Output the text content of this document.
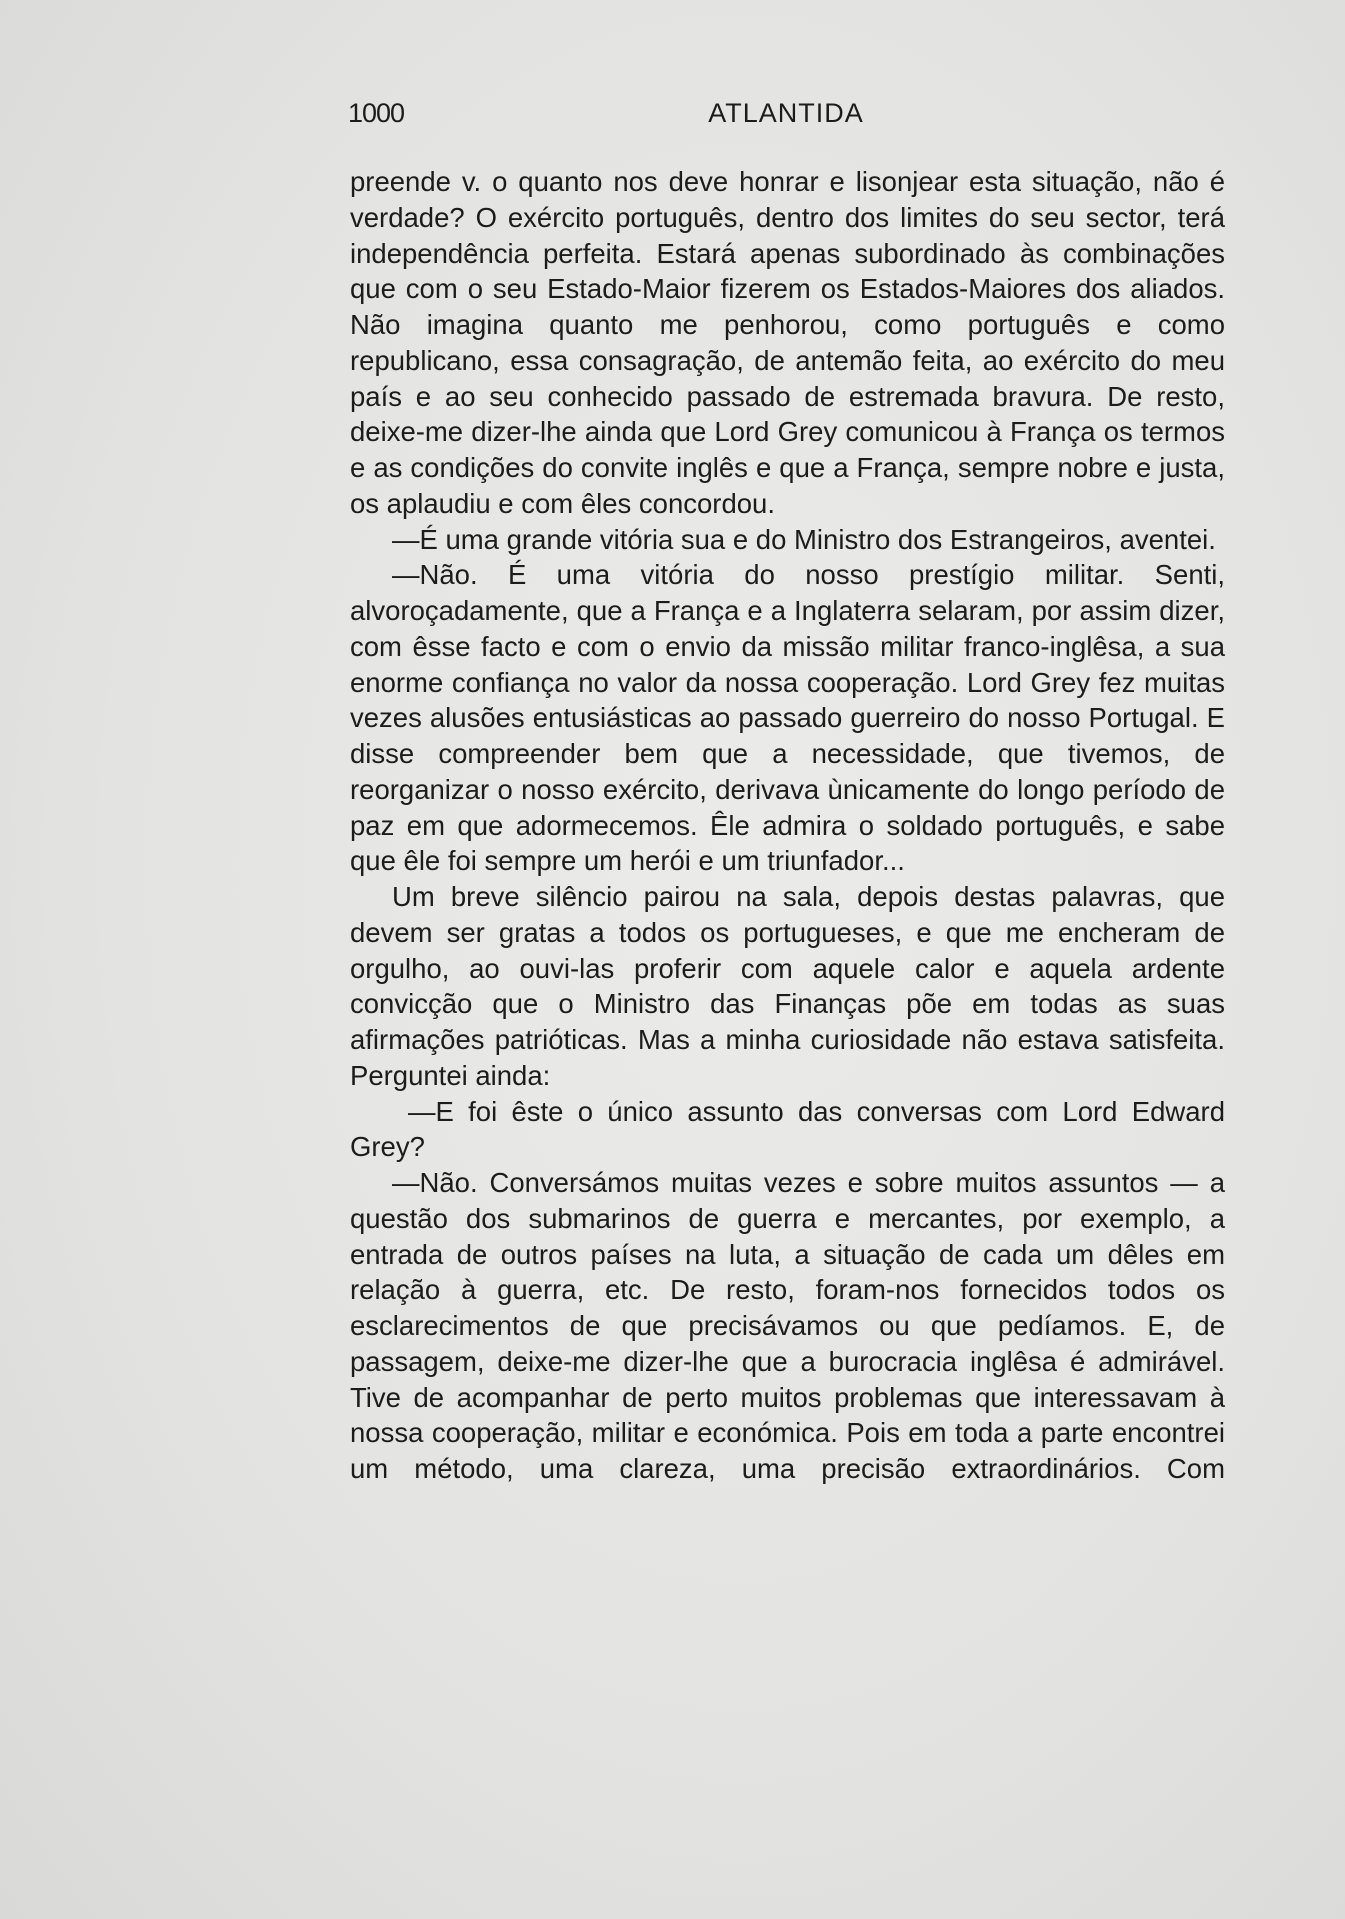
1000	ATLANTIDA

preende v. o quanto nos deve honrar e lisonjear esta situação, não é verdade? O exército português, dentro dos limites do seu sector, terá independência perfeita. Estará apenas subordinado às combinações que com o seu Estado-Maior fizerem os Estados-Maiores dos aliados. Não imagina quanto me penhorou, como português e como republicano, essa consagração, de antemão feita, ao exército do meu país e ao seu conhecido passado de estremada bravura. De resto, deixe-me dizer-lhe ainda que Lord Grey comunicou à França os termos e as condições do convite inglês e que a França, sempre nobre e justa, os aplaudiu e com êles concordou.

—É uma grande vitória sua e do Ministro dos Estrangeiros, aventei.

—Não. É uma vitória do nosso prestígio militar. Senti, alvoroçadamente, que a França e a Inglaterra selaram, por assim dizer, com êsse facto e com o envio da missão militar franco-inglêsa, a sua enorme confiança no valor da nossa cooperação. Lord Grey fez muitas vezes alusões entusiásticas ao passado guerreiro do nosso Portugal. E disse compreender bem que a necessidade, que tivemos, de reorganizar o nosso exército, derivava ùnicamente do longo período de paz em que adormecemos. Êle admira o soldado português, e sabe que êle foi sempre um herói e um triunfador...

Um breve silêncio pairou na sala, depois destas palavras, que devem ser gratas a todos os portugueses, e que me encheram de orgulho, ao ouvi-las proferir com aquele calor e aquela ardente convicção que o Ministro das Finanças põe em todas as suas afirmações patrióticas. Mas a minha curiosidade não estava satisfeita. Perguntei ainda:

—E foi êste o único assunto das conversas com Lord Edward Grey?

—Não. Conversámos muitas vezes e sobre muitos assuntos — a questão dos submarinos de guerra e mercantes, por exemplo, a entrada de outros países na luta, a situação de cada um dêles em relação à guerra, etc. De resto, foram-nos fornecidos todos os esclarecimentos de que precisávamos ou que pedíamos. E, de passagem, deixe-me dizer-lhe que a burocracia inglêsa é admirável. Tive de acompanhar de perto muitos problemas que interessavam à nossa cooperação, militar e económica. Pois em toda a parte encontrei um método, uma clareza, uma precisão extraordinários. Com
